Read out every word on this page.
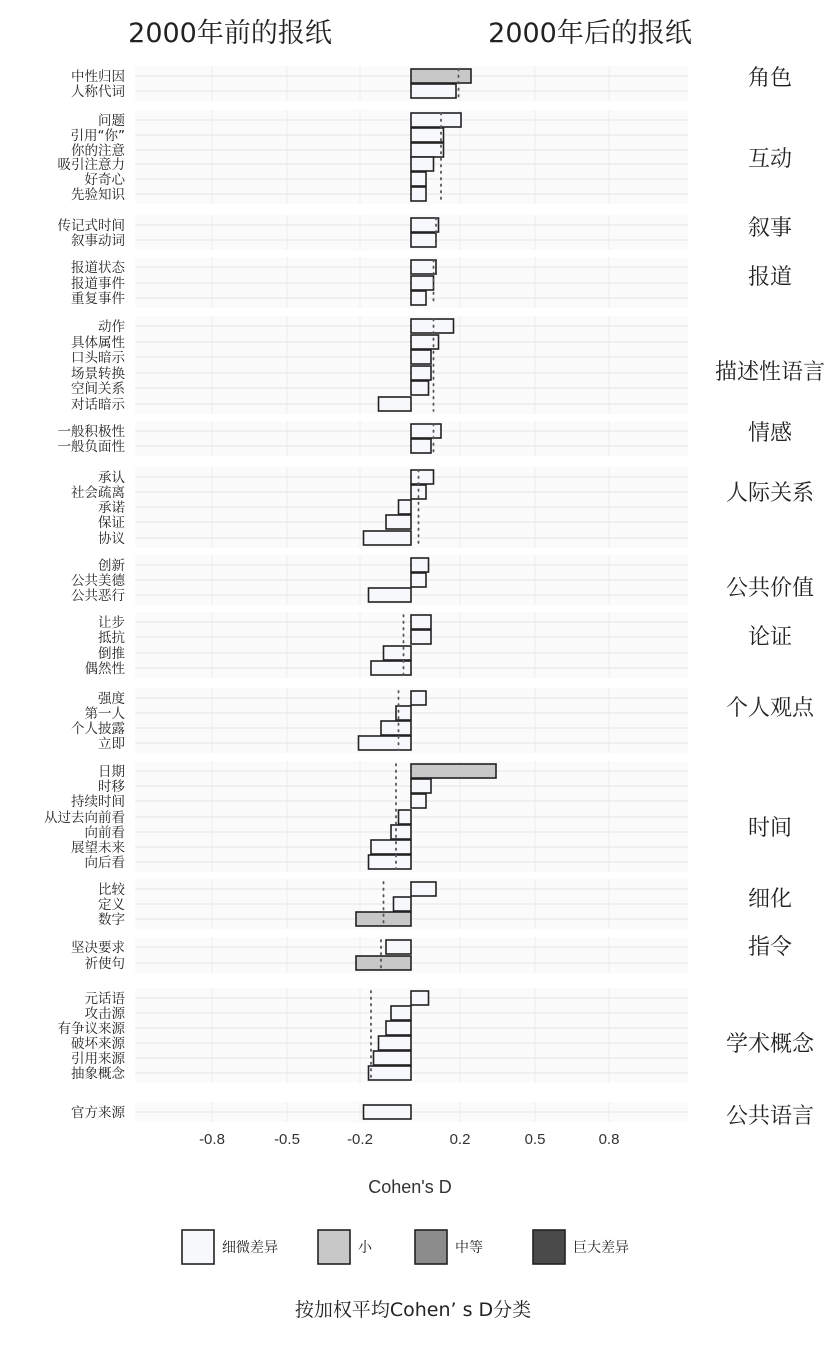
角色
中性归因
人称代词
互动
问题
引用“你”
你的注意
吸引注意力
好奇心
先验知识
叙事
传记式时间
叙事动词
报道
报道状态
报道事件
重复事件
描述性语言
动作
具体属性
口头暗示
场景转换
空间关系
对话暗示
情感
一般积极性
一般负面性
人际关系
承认
社会疏离
承诺
保证
协议
公共价值
创新
公共美德
公共恶行
论证
让步
抵抗
倒推
偶然性
个人观点
强度
第一人
个人披露
立即
时间
日期
时移
持续时间
从过去向前看
向前看
展望未来
向后看
细化
比较
定义
数字
指令
坚决要求
祈使句
学术概念
元话语
攻击源
有争议来源
破坏来源
引用来源
抽象概念
公共语言
官方来源
2000年前的报纸	2000年后的报纸
-0.8	-0.5	-0.2	0.2	0.5	0.8
Cohen's D
细微差异	小	中等	巨大差异
按加权平均Cohen’ s D分类
